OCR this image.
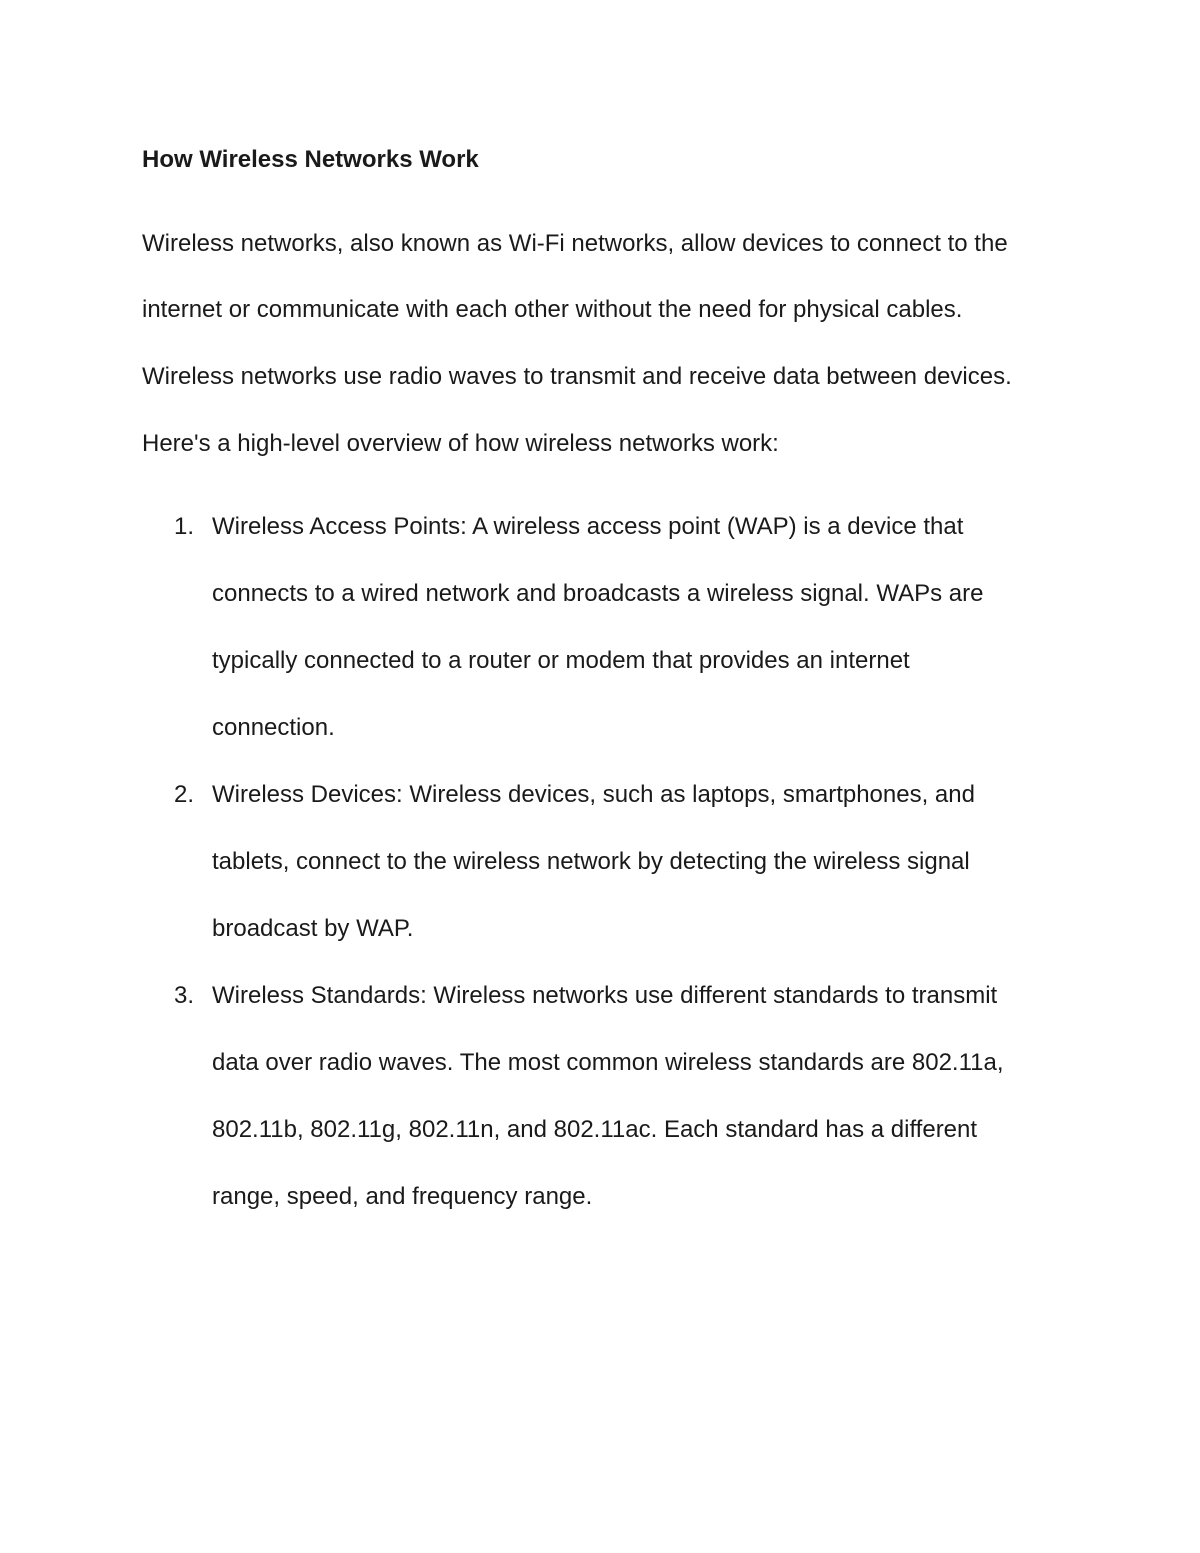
How Wireless Networks Work
Wireless networks, also known as Wi-Fi networks, allow devices to connect to the
internet or communicate with each other without the need for physical cables.
Wireless networks use radio waves to transmit and receive data between devices.
Here's a high-level overview of how wireless networks work:
1. Wireless Access Points: A wireless access point (WAP) is a device that
connects to a wired network and broadcasts a wireless signal. WAPs are
typically connected to a router or modem that provides an internet
connection.
2. Wireless Devices: Wireless devices, such as laptops, smartphones, and
tablets, connect to the wireless network by detecting the wireless signal
broadcast by WAP.
3. Wireless Standards: Wireless networks use different standards to transmit
data over radio waves. The most common wireless standards are 802.11a,
802.11b, 802.11g, 802.11n, and 802.11ac. Each standard has a different
range, speed, and frequency range.
